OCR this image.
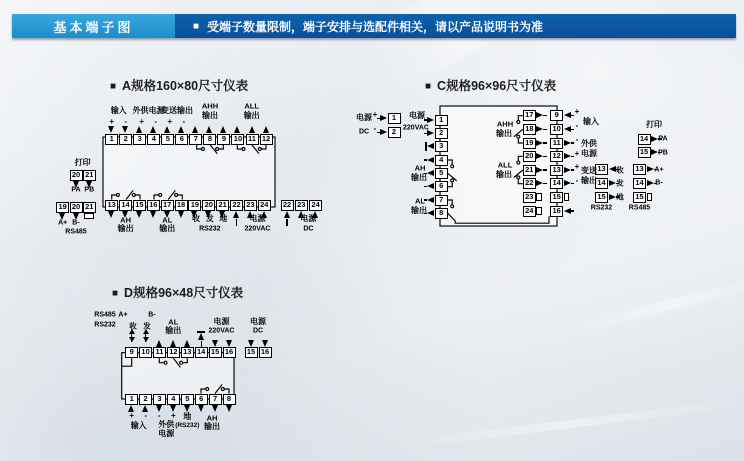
基本端子图	■ 受端子数量限制，端子安排与选配件相关，请以产品说明书为准
■ A规格160×80尺寸仪表	■ C规格96×96尺寸仪表
■ D规格96×48尺寸仪表
1	2	3	4	5	6	7	8	9	10 11 12
13 14 15 16 17 18 19 20 21 22 23 24
20 21
19 20 21	22 23 24
1
2
1
2
3
4
5
6
7
8
17
18
19
20
21
22
23
24
9
10
11
12
13
14
15
16
14
15
13
14
15
13
14
15
9	10 11 12 13 14 15 16	15 16
1	2	3	4	5	6	7	8
输入
+ -
外供电源
+ -
变送输出
+ -
AHH
输出
ALL
输出
AH
输出
AL
输出
收 发 地
RS232
电源
220VAC
电源
DC
打印
PA PB
A+ B-
RS485
电源
DC
+
-
电源
220VAC
AH
输出
AL
输出
AHH
输出
ALL
输出
+
输入
-
- 外供
电源
+
+ 变送
输出
-
打印
PA
PB
收
发
地
RS232
A+
B-
RS485
RS485
RS232
A+	B-
收 发 AL
输出
电源
220VAC
电源
DC
+ -
输入
- +
外供
电源
地
(RS232)
AH
输出
